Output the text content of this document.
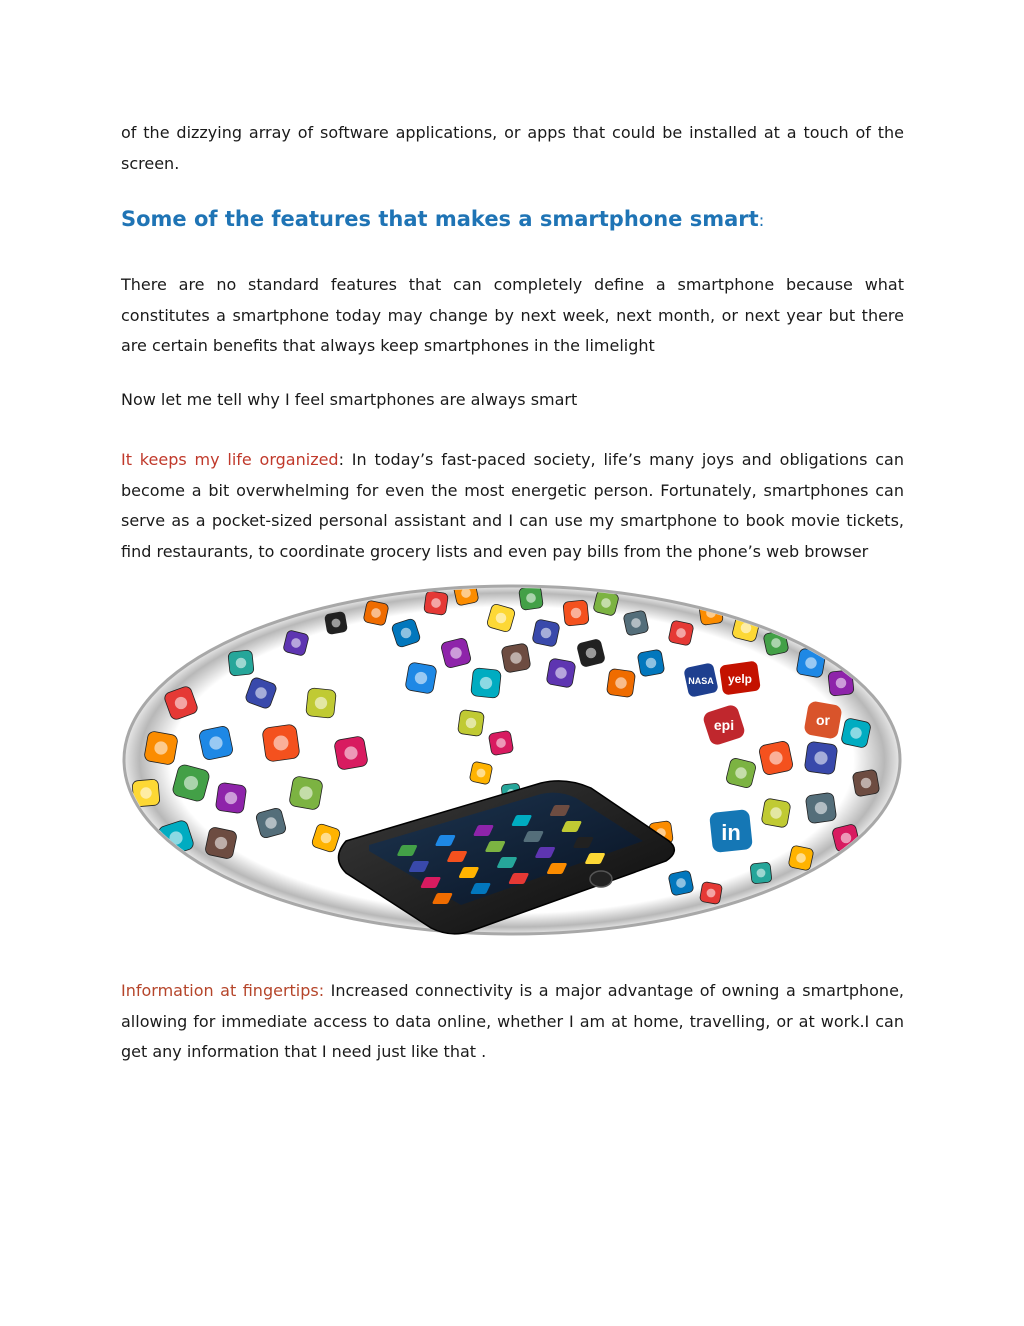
of the dizzying array of software applications, or apps that could be installed at a touch of the screen.

Some of the features that makes a smartphone smart:

There are no standard features that can completely define a smartphone because what constitutes a smartphone today may change by next week, next month, or next year but there are certain benefits that always keep smartphones in the limelight

Now let me tell why I feel smartphones are always smart

It keeps my life organized: In today’s fast-paced society, life’s many joys and obligations can become a bit overwhelming for even the most energetic person. Fortunately, smartphones can serve as a pocket-sized personal assistant and I can use my smartphone to book movie tickets, find restaurants, to coordinate grocery lists and even pay bills from the phone’s web browser

Information at fingertips: Increased connectivity is a major advantage of owning a smartphone, allowing for immediate access to data online, whether I am at home, travelling, or at work.I can get any information that I need just like that .

NASA yelp
epi	or
in
